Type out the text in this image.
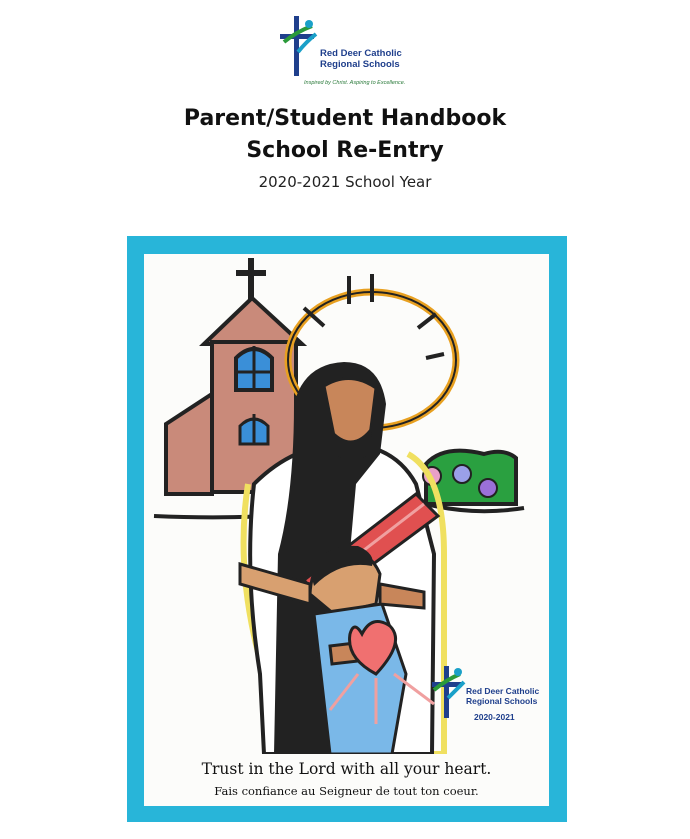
Red Deer Catholic
Regional Schools
Inspired by Christ. Aspiring to Excellence.
Parent/Student Handbook
School Re-Entry
2020-2021 School Year
Red Deer Catholic
Regional Schools
2020-2021
Trust in the Lord with all your heart.
Fais confiance au Seigneur de tout ton coeur.
